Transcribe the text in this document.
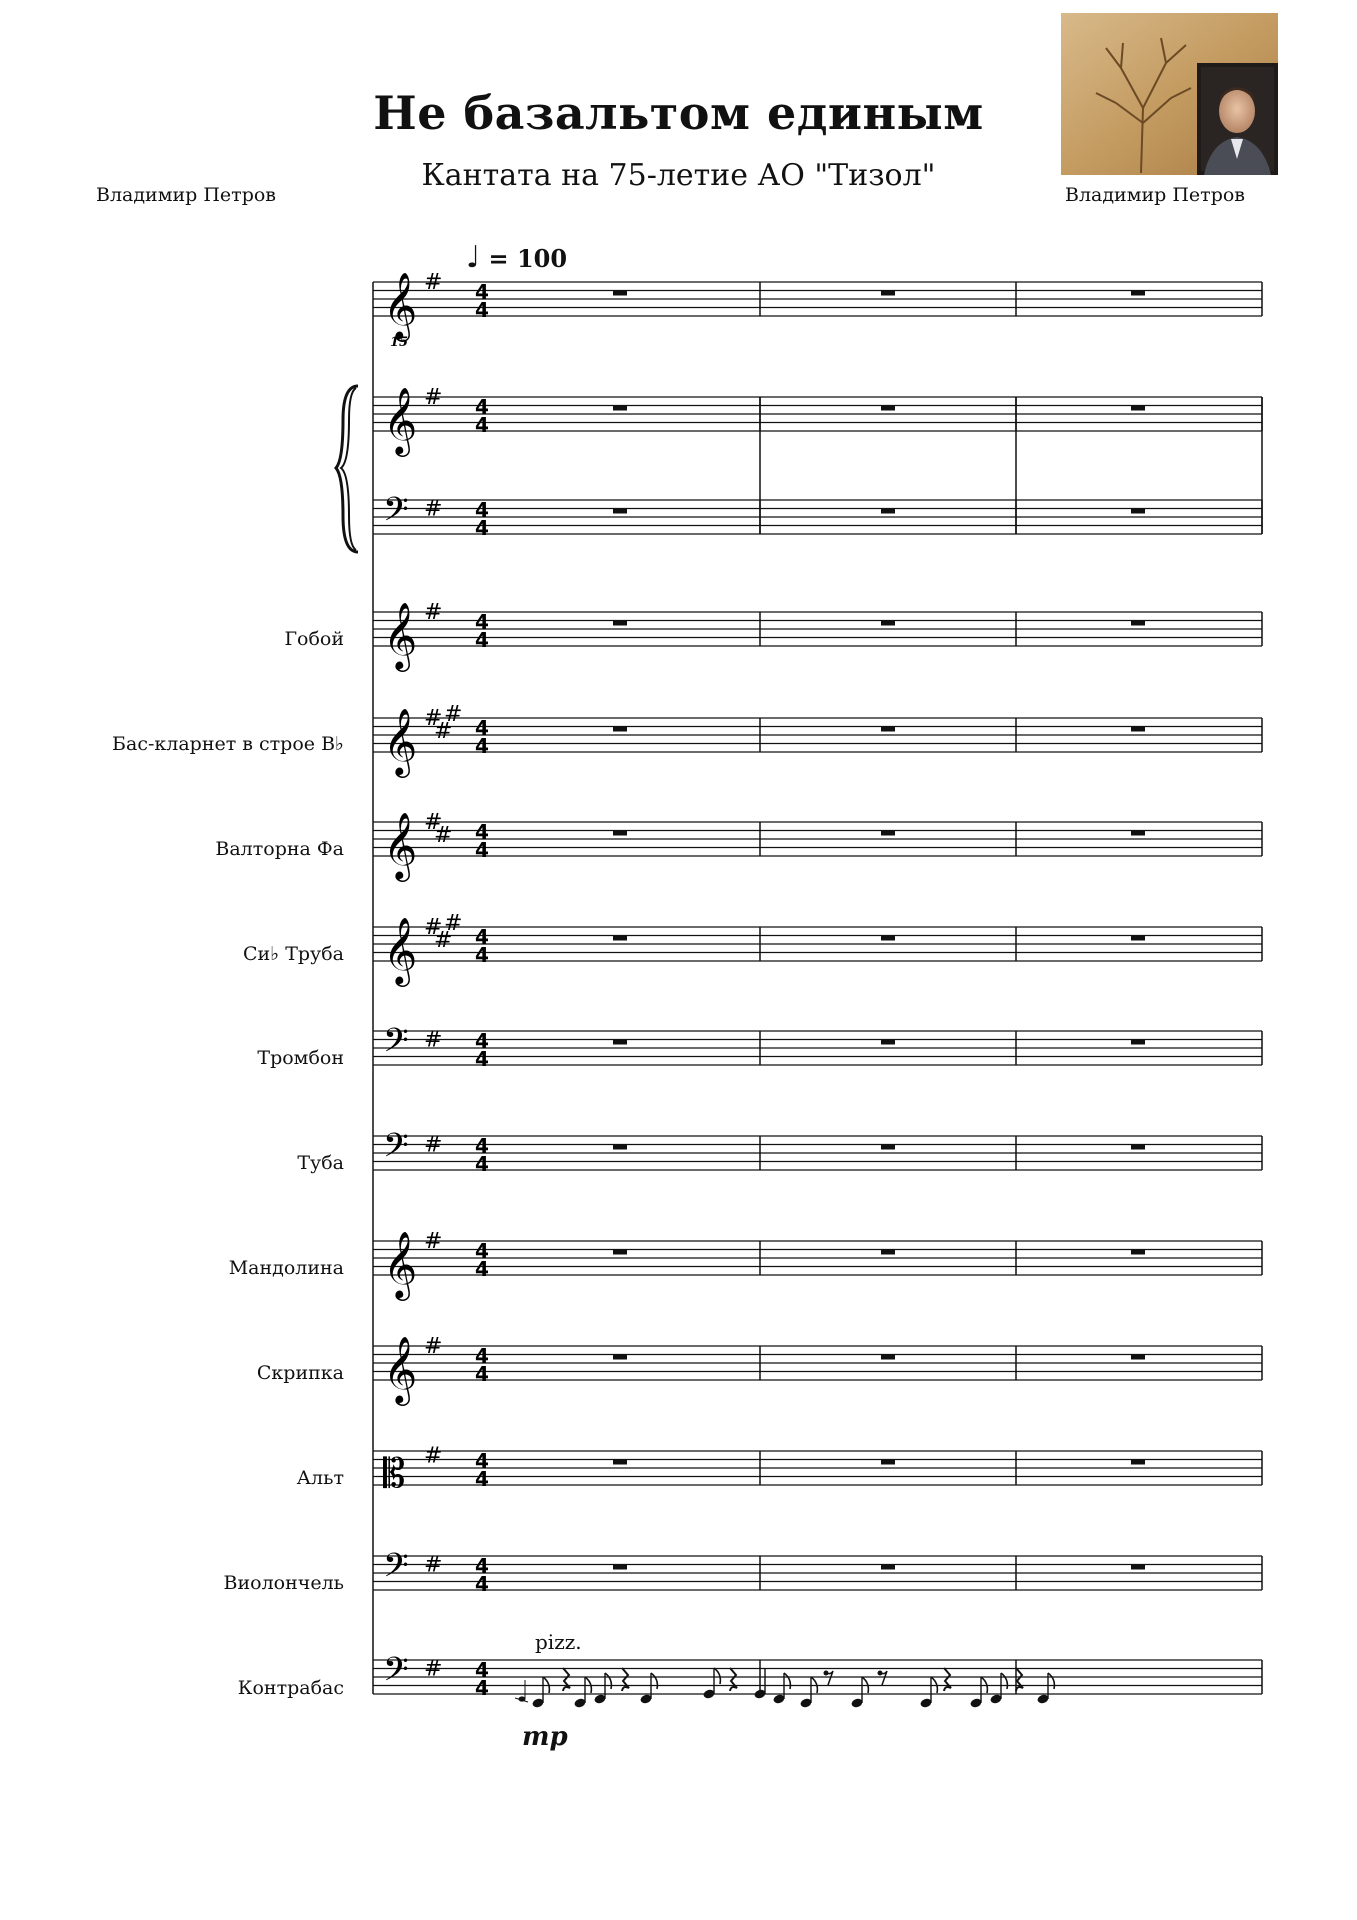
Не базальтом единым
Кантата на 75-летие АО "Тизол"
Владимир Петров	Владимир Петров
♩ = 100
Гобой
Бас-кларнет в строе B♭
Валторна Фа
Си♭ Труба
Тромбон
Туба
Мандолина
Скрипка
Альт
Виолончель
Контрабас
𝄞
15
# 4
4
𝄞 # 4
4
𝄢 # 4
4
𝄞 # 4
4
𝄞 #
#
#
4
4
𝄞 #
# 4
4
𝄞 #
#
#
4
4
𝄢 # 4
4
𝄢 # 4
4
𝄞 # 4
4
𝄞 # 4
4
𝄡 # 4
4
𝄢 # 4
4
𝄢 # 4
4
pizz.
mp
